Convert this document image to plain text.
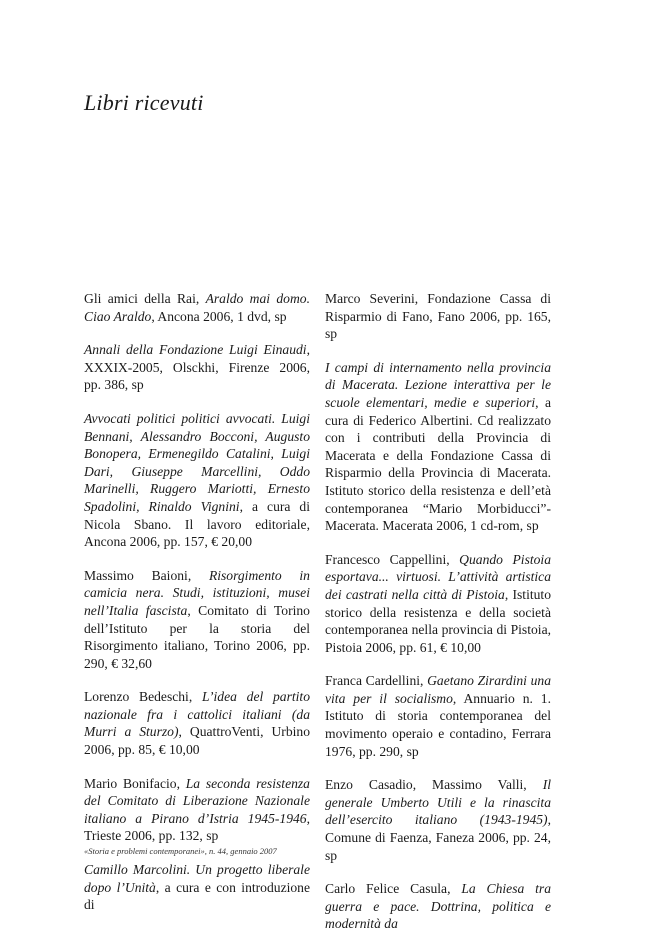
Libri ricevuti

Gli amici della Rai, Araldo mai domo. Ciao Araldo, Ancona 2006, 1 dvd, sp

Annali della Fondazione Luigi Einaudi, XXXIX-2005, Olsckhi, Firenze 2006, pp. 386, sp

Avvocati politici politici avvocati. Luigi Bennani, Alessandro Bocconi, Augusto Bonopera, Ermenegildo Catalini, Luigi Dari, Giuseppe Marcellini, Oddo Marinelli, Ruggero Mariotti, Ernesto Spadolini, Rinaldo Vignini, a cura di Nicola Sbano. Il lavoro editoriale, Ancona 2006, pp. 157, € 20,00

Massimo Baioni, Risorgimento in camicia nera. Studi, istituzioni, musei nell’Italia fascista, Comitato di Torino dell’Istituto per la storia del Risorgimento italiano, Torino 2006, pp. 290, € 32,60

Lorenzo Bedeschi, L’idea del partito nazionale fra i cattolici italiani (da Murri a Sturzo), QuattroVenti, Urbino 2006, pp. 85, € 10,00

Mario Bonifacio, La seconda resistenza del Comitato di Liberazione Nazionale italiano a Pirano d’Istria 1945-1946, Trieste 2006, pp. 132, sp

Camillo Marcolini. Un progetto liberale dopo l’Unità, a cura e con introduzione di

Marco Severini, Fondazione Cassa di Risparmio di Fano, Fano 2006, pp. 165, sp

I campi di internamento nella provincia di Macerata. Lezione interattiva per le scuole elementari, medie e superiori, a cura di Federico Albertini. Cd realizzato con i contributi della Provincia di Macerata e della Fondazione Cassa di Risparmio della Provincia di Macerata. Istituto storico della resistenza e dell’età contemporanea “Mario Morbiducci”-Macerata. Macerata 2006, 1 cd-rom, sp

Francesco Cappellini, Quando Pistoia esportava... virtuosi. L’attività artistica dei castrati nella città di Pistoia, Istituto storico della resistenza e della società contemporanea nella provincia di Pistoia, Pistoia 2006, pp. 61, € 10,00

Franca Cardellini, Gaetano Zirardini una vita per il socialismo, Annuario n. 1. Istituto di storia contemporanea del movimento operaio e contadino, Ferrara 1976, pp. 290, sp

Enzo Casadio, Massimo Valli, Il generale Umberto Utili e la rinascita dell’esercito italiano (1943-1945), Comune di Faenza, Faneza 2006, pp. 24, sp

Carlo Felice Casula, La Chiesa tra guerra e pace. Dottrina, politica e modernità da

«Storia e problemi contemporanei», n. 44, gennaio 2007
